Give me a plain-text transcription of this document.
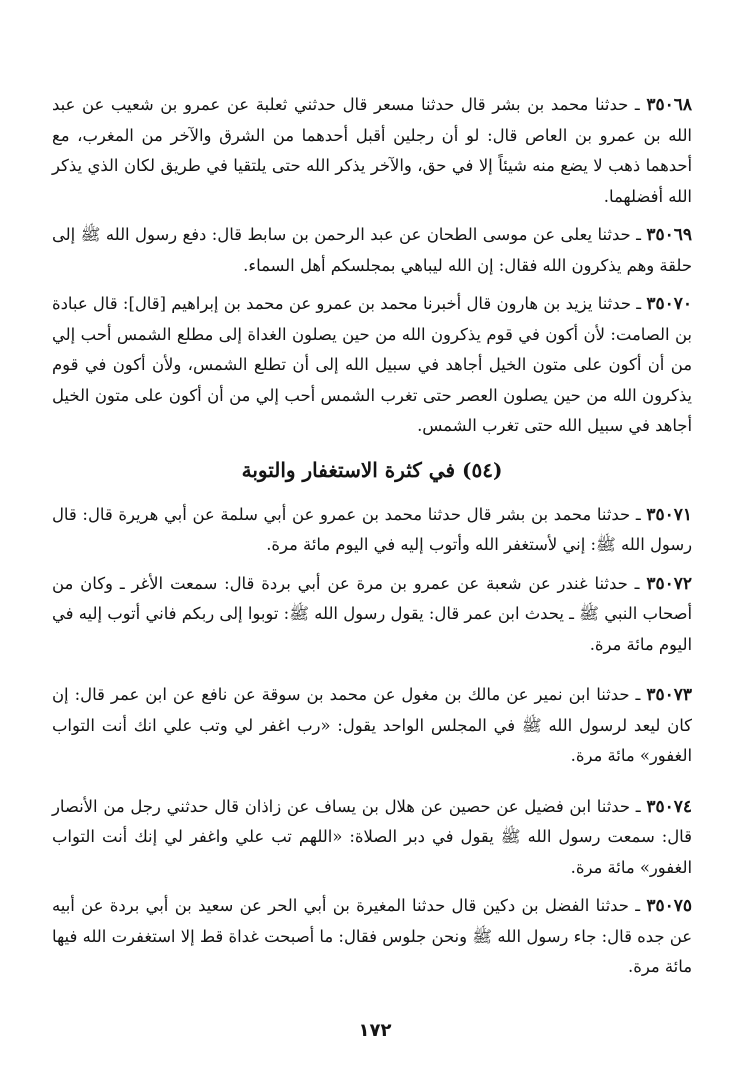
٣٥٠٦٨ ـ حدثنا محمد بن بشر قال حدثنا مسعر قال حدثني ثعلبة عن عمرو بن شعيب عن عبد الله بن عمرو بن العاص قال: لو أن رجلين أقبل أحدهما من الشرق والآخر من المغرب، مع أحدهما ذهب لا يضع منه شيئاً إلا في حق، والآخر يذكر الله حتى يلتقيا في طريق لكان الذي يذكر الله أفضلهما.

٣٥٠٦٩ ـ حدثنا يعلى عن موسى الطحان عن عبد الرحمن بن سابط قال: دفع رسول الله ﷺ إلى حلقة وهم يذكرون الله فقال: إن الله ليباهي بمجلسكم أهل السماء.

٣٥٠٧٠ ـ حدثنا يزيد بن هارون قال أخبرنا محمد بن عمرو عن محمد بن إبراهيم [قال]: قال عبادة بن الصامت: لأن أكون في قوم يذكرون الله من حين يصلون الغداة إلى مطلع الشمس أحب إلي من أن أكون على متون الخيل أجاهد في سبيل الله إلى أن تطلع الشمس، ولأن أكون في قوم يذكرون الله من حين يصلون العصر حتى تغرب الشمس أحب إلي من أن أكون على متون الخيل أجاهد في سبيل الله حتى تغرب الشمس.

(٥٤) في كثرة الاستغفار والتوبة

٣٥٠٧١ ـ حدثنا محمد بن بشر قال حدثنا محمد بن عمرو عن أبي سلمة عن أبي هريرة قال: قال رسول الله ﷺ: إني لأستغفر الله وأتوب إليه في اليوم مائة مرة.

٣٥٠٧٢ ـ حدثنا غندر عن شعبة عن عمرو بن مرة عن أبي بردة قال: سمعت الأغر ـ وكان من أصحاب النبي ﷺ ـ يحدث ابن عمر قال: يقول رسول الله ﷺ: توبوا إلى ربكم فاني أتوب إليه في اليوم مائة مرة.

٣٥٠٧٣ ـ حدثنا ابن نمير عن مالك بن مغول عن محمد بن سوقة عن نافع عن ابن عمر قال: إن كان ليعد لرسول الله ﷺ في المجلس الواحد يقول: «رب اغفر لي وتب علي انك أنت التواب الغفور» مائة مرة.

٣٥٠٧٤ ـ حدثنا ابن فضيل عن حصين عن هلال بن يساف عن زاذان قال حدثني رجل من الأنصار قال: سمعت رسول الله ﷺ يقول في دبر الصلاة: «اللهم تب علي واغفر لي إنك أنت التواب الغفور» مائة مرة.

٣٥٠٧٥ ـ حدثنا الفضل بن دكين قال حدثنا المغيرة بن أبي الحر عن سعيد بن أبي بردة عن أبيه عن جده قال: جاء رسول الله ﷺ ونحن جلوس فقال: ما أصبحت غداة قط إلا استغفرت الله فيها مائة مرة.

١٧٢
